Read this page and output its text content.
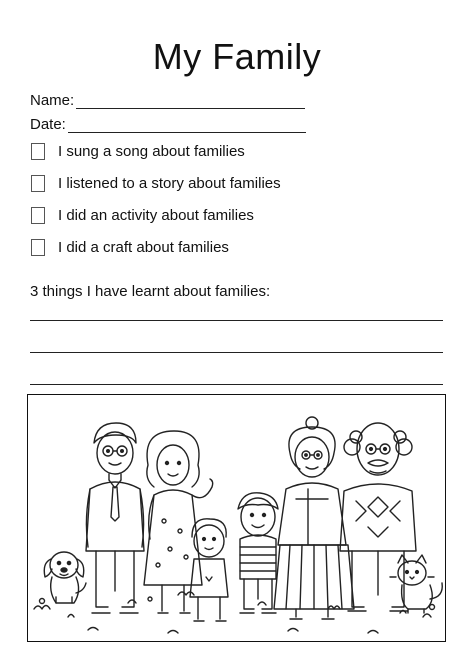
My Family
Name:
Date:
I sung a song about families
I listened to a story about families
I did an activity about families
I did a craft about families
3 things I have learnt about families:
